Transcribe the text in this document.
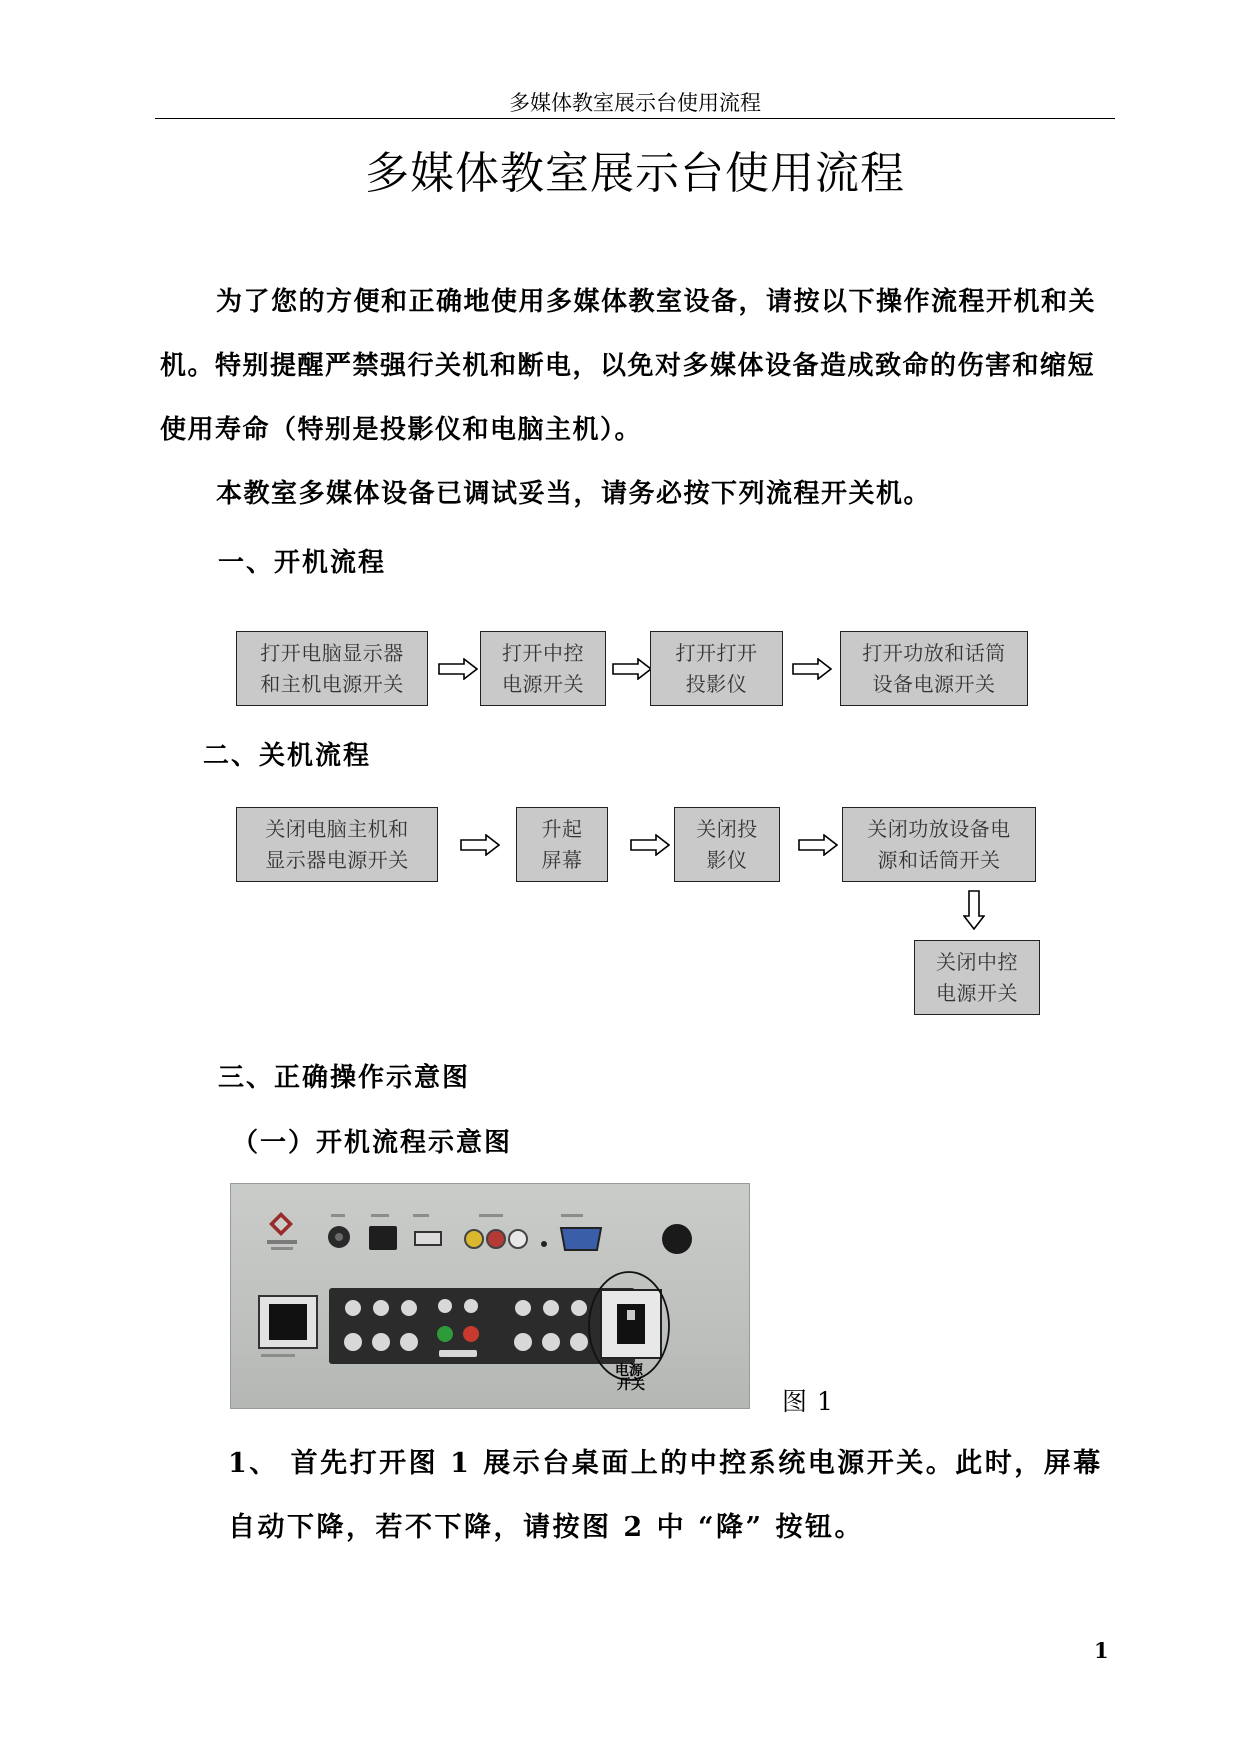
多媒体教室展示台使用流程
多媒体教室展示台使用流程

为了您的方便和正确地使用多媒体教室设备，请按以下操作流程开机和关机。特别提醒严禁强行关机和断电，以免对多媒体设备造成致命的伤害和缩短使用寿命（特别是投影仪和电脑主机）。

本教室多媒体设备已调试妥当，请务必按下列流程开关机。

一、开机流程
打开电脑显示器
和主机电源开关
打开中控
电源开关
打开打开
投影仪
打开功放和话筒
设备电源开关
二、关机流程
关闭电脑主机和
显示器电源开关
升起
屏幕
关闭投
影仪
关闭功放设备电
源和话筒开关
关闭中控
电源开关
三、正确操作示意图
（一）开机流程示意图
电源
开关
图 1

1、 首先打开图 1 展示台桌面上的中控系统电源开关。此时，屏幕自动下降，若不下降，请按图 2 中 “降” 按钮。

1
